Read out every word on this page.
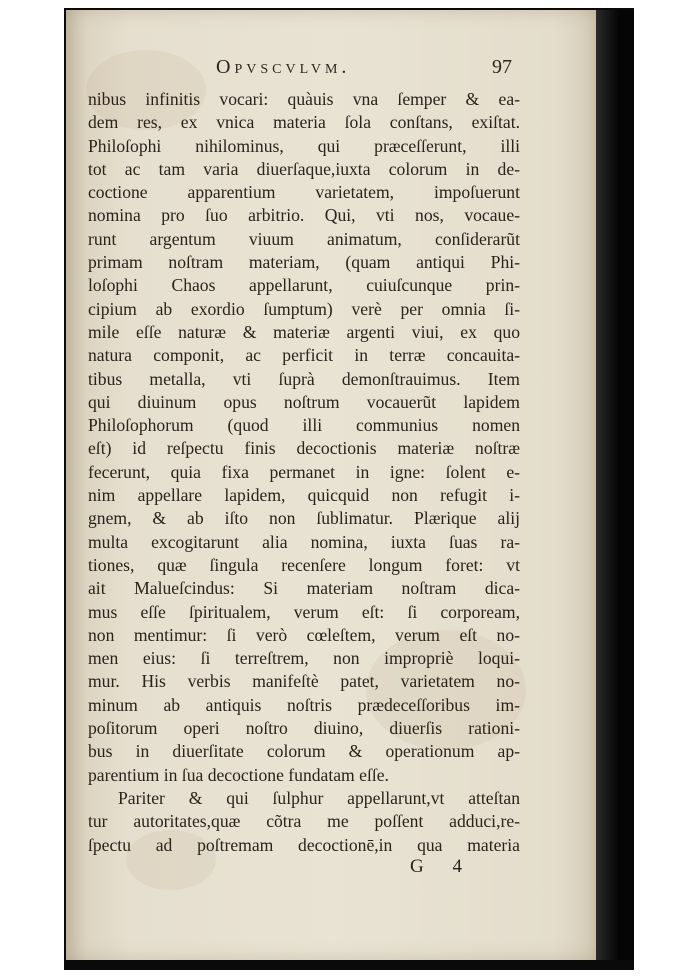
Opvscvlvm.	97
nibus infinitis vocari: quàuis vna ſemper & ea-
dem res, ex vnica materia ſola conſtans, exiſtat.
Philoſophi nihilominus, qui præceſſerunt, illi
tot ac tam varia diuerſaque,iuxta colorum in de-
coctione apparentium varietatem, impoſuerunt
nomina pro ſuo arbitrio. Qui, vti nos, vocaue-
runt argentum viuum animatum, conſiderarũt
primam noſtram materiam, (quam antiqui Phi-
loſophi Chaos appellarunt, cuiuſcunque prin-
cipium ab exordio ſumptum) verè per omnia ſi-
mile eſſe naturæ & materiæ argenti viui, ex quo
natura componit, ac perficit in terræ concauita-
tibus metalla, vti ſuprà demonſtrauimus. Item
qui diuinum opus noſtrum vocauerũt lapidem
Philoſophorum (quod illi communius nomen
eſt) id reſpectu finis decoctionis materiæ noſtræ
fecerunt, quia fixa permanet in igne: ſolent e-
nim appellare lapidem, quicquid non refugit i-
gnem, & ab iſto non ſublimatur. Plærique alij
multa excogitarunt alia nomina, iuxta ſuas ra-
tiones, quæ ſingula recenſere longum foret: vt
ait Malueſcindus: Si materiam noſtram dica-
mus eſſe ſpiritualem, verum eſt: ſi corpoream,
non mentimur: ſi verò cœleſtem, verum eſt no-
men eius: ſi terreſtrem, non impropriè loqui-
mur. His verbis manifeſtè patet, varietatem no-
minum ab antiquis noſtris prædeceſſoribus im-
poſitorum operi noſtro diuino, diuerſis rationi-
bus in diuerſitate colorum & operationum ap-
parentium in ſua decoctione fundatam eſſe.
Pariter & qui ſulphur appellarunt,vt atteſtan
tur autoritates,quæ cõtra me poſſent adduci,re-
ſpectu ad poſtremam decoctionē,in qua materia
G 4
